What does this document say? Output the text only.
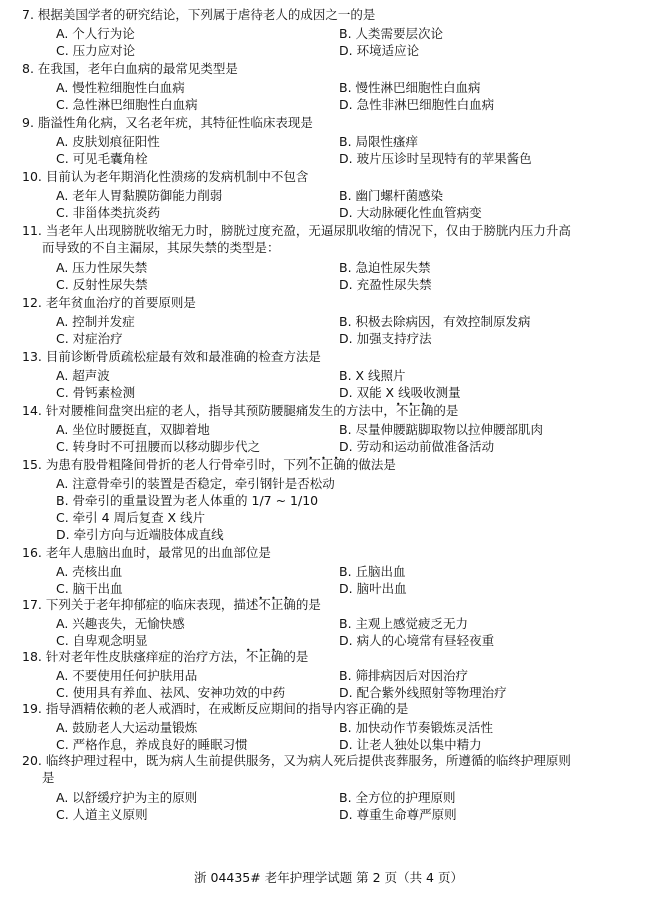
7. 根据美国学者的研究结论，下列属于虐待老人的成因之一的是
A. 个人行为论	B. 人类需要层次论
C. 压力应对论	D. 环境适应论
8. 在我国，老年白血病的最常见类型是
A. 慢性粒细胞性白血病	B. 慢性淋巴细胞性白血病
C. 急性淋巴细胞性白血病	D. 急性非淋巴细胞性白血病
9. 脂溢性角化病，又名老年疣，其特征性临床表现是
A. 皮肤划痕征阳性	B. 局限性瘙痒
C. 可见毛囊角栓	D. 玻片压诊时呈现特有的苹果酱色
10. 目前认为老年期消化性溃疡的发病机制中不包含
A. 老年人胃黏膜防御能力削弱	B. 幽门螺杆菌感染
C. 非甾体类抗炎药	D. 大动脉硬化性血管病变
11. 当老年人出现膀胱收缩无力时，膀胱过度充盈，无逼尿肌收缩的情况下，仅由于膀胱内压力升高
而导致的不自主漏尿，其尿失禁的类型是：
A. 压力性尿失禁	B. 急迫性尿失禁
C. 反射性尿失禁	D. 充盈性尿失禁
12. 老年贫血治疗的首要原则是
A. 控制并发症	B. 积极去除病因，有效控制原发病
C. 对症治疗	D. 加强支持疗法
13. 目前诊断骨质疏松症最有效和最准确的检查方法是
A. 超声波	B. X 线照片
C. 骨钙素检测	D. 双能 X 线吸收测量
14. 针对腰椎间盘突出症的老人，指导其预防腰腿痛发生的方法中，不正确 • • •的是
A. 坐位时腰挺直，双脚着地	B. 尽量伸腰踮脚取物以拉伸腰部肌肉
C. 转身时不可扭腰而以移动脚步代之	D. 劳动和运动前做准备活动
15. 为患有股骨粗隆间骨折的老人行骨牵引时，下列不正确 • • •的做法是
A. 注意骨牵引的装置是否稳定，牵引钢针是否松动
B. 骨牵引的重量设置为老人体重的 1/7 ~ 1/10
C. 牵引 4 周后复查 X 线片
D. 牵引方向与近端肢体成直线
16. 老年人患脑出血时，最常见的出血部位是
A. 壳核出血	B. 丘脑出血
C. 脑干出血	D. 脑叶出血
17. 下列关于老年抑郁症的临床表现，描述不正确 • • •的是
A. 兴趣丧失，无愉快感	B. 主观上感觉疲乏无力
C. 自卑观念明显	D. 病人的心境常有昼轻夜重
18. 针对老年性皮肤瘙痒症的治疗方法，不正确 • • •的是
A. 不要使用任何护肤用品	B. 筛排病因后对因治疗
C. 使用具有养血、祛风、安神功效的中药	D. 配合紫外线照射等物理治疗
19. 指导酒精依赖的老人戒酒时，在戒断反应期间的指导内容正确的是
A. 鼓励老人大运动量锻炼	B. 加快动作节奏锻炼灵活性
C. 严格作息，养成良好的睡眠习惯	D. 让老人独处以集中精力
20. 临终护理过程中，既为病人生前提供服务，又为病人死后提供丧葬服务，所遵循的临终护理原则
是
A. 以舒缓疗护为主的原则	B. 全方位的护理原则
C. 人道主义原则	D. 尊重生命尊严原则
浙 04435# 老年护理学试题 第 2 页（共 4 页）
